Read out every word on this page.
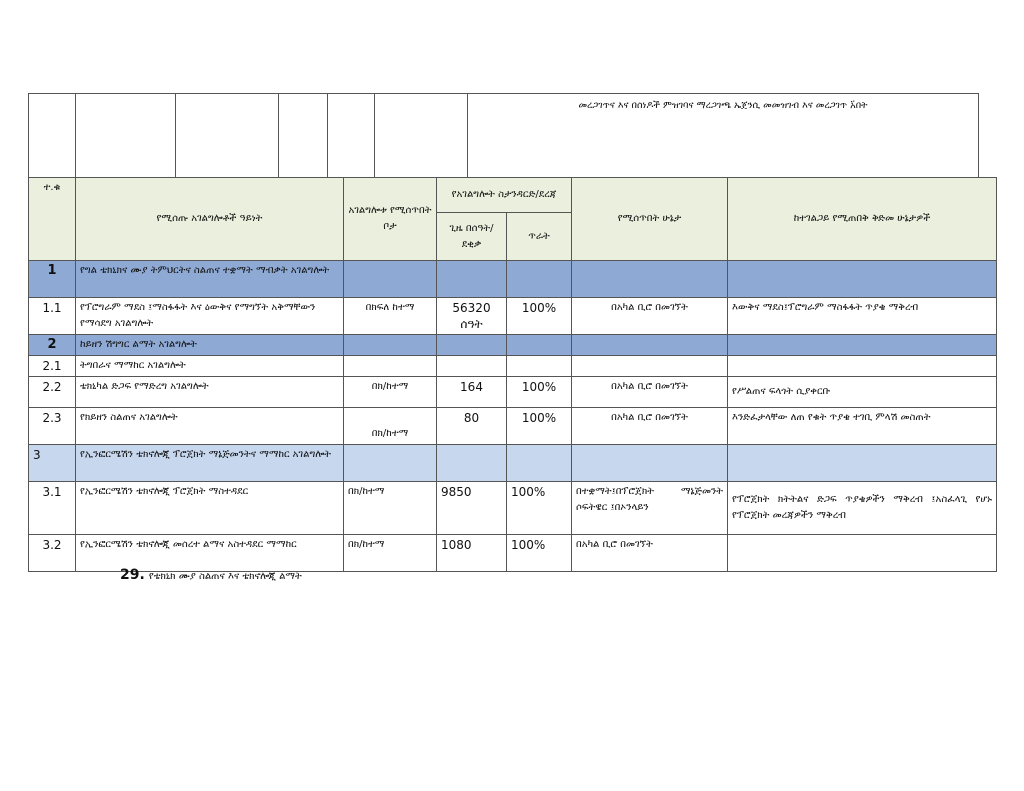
						መረጋገጥና እና በሰነዶች ምዝገባና ማረጋገጫ ኤጀንሲ መመዝገብ እና መረጋገጥ አ፟በት
ተ.ቁ	የሚሰጡ አገልግሎቶች ዓይነት	አገልግሎቱ የሚሰጥበት ቦታ	የአገልግሎት ስታንዳርድ/ደረጃ		የሚሰጥበት ሁኔታ	ከተገልጋይ የሚጠበቅ ቅድመ ሁኔታዎች
			ጊዜ በሰዓት/ደቂቃ	ጥራት		
1	የግል ቴክኒክና ሙያ ትምህርትና ስልጠና ተቋማት ማብቃት አገልግሎት					
1.1	የፕሮግራም ማደስ ፤ማስፋፋት እና ዕውቅና የማግኘት አቅማቸውን የማሳደግ አገልግሎት	በክፍለ ከተማ	56320 ሰዓት	100%	በአካል ቢሮ በመገኘት	እውቅና ማደስ፤ፕሮግራም ማስፋፋት ጥያቄ ማቅረብ
2	ከይዘን ሽግግር ልማት አገልግሎት					
2.1	ትግበራና ማማከር አገልግሎት					
2.2	ቴክኒካል ድጋፍ የማድረግ አገልግሎት	በክ/ከተማ	164	100%	በአካል ቢሮ በመገኘት	የሥልጠና ፍላጎት ሲያቀርቡ
2.3	የክይዘን ስልጠና አገልግሎት	በክ/ከተማ	80	100%	በአካል ቢሮ በመገኘት	እንድፈታላቸው ለጠ የቁት ጥያቄ ተገቢ ምላሽ መስጠት
3	የኢንፎርሜሽን ቴክኖሎጂ ፕሮጀክት ማኔጅመንትና ማማከር አገልግሎት					
3.1	የኢንፎርሜሽን ቴክኖሎጂ ፕሮጀክት ማስተዳደር	በክ/ከተማ	9850	100%	በተቋማት፤በፕሮጀክት ማኔጅመንት ሶፍትዌር ፤በኦንላይን	የፕሮጀክት ክትትልና ድጋፍ ጥያቄዎችን ማቅረብ ፤አስፈላጊ የሆኑ የፕሮጀክት መረጃዎችን ማቅረብ
3.2	የኢንፎርሜሽን ቴክኖሎጂ መሰረተ ልማና አስተዳደር ማማከር	በክ/ከተማ	1080	100%	በአካል ቢሮ በመገኘት	
29. የቴክኒክ ሙያ ስልጠና እና ቴክኖሎጂ ልማት
